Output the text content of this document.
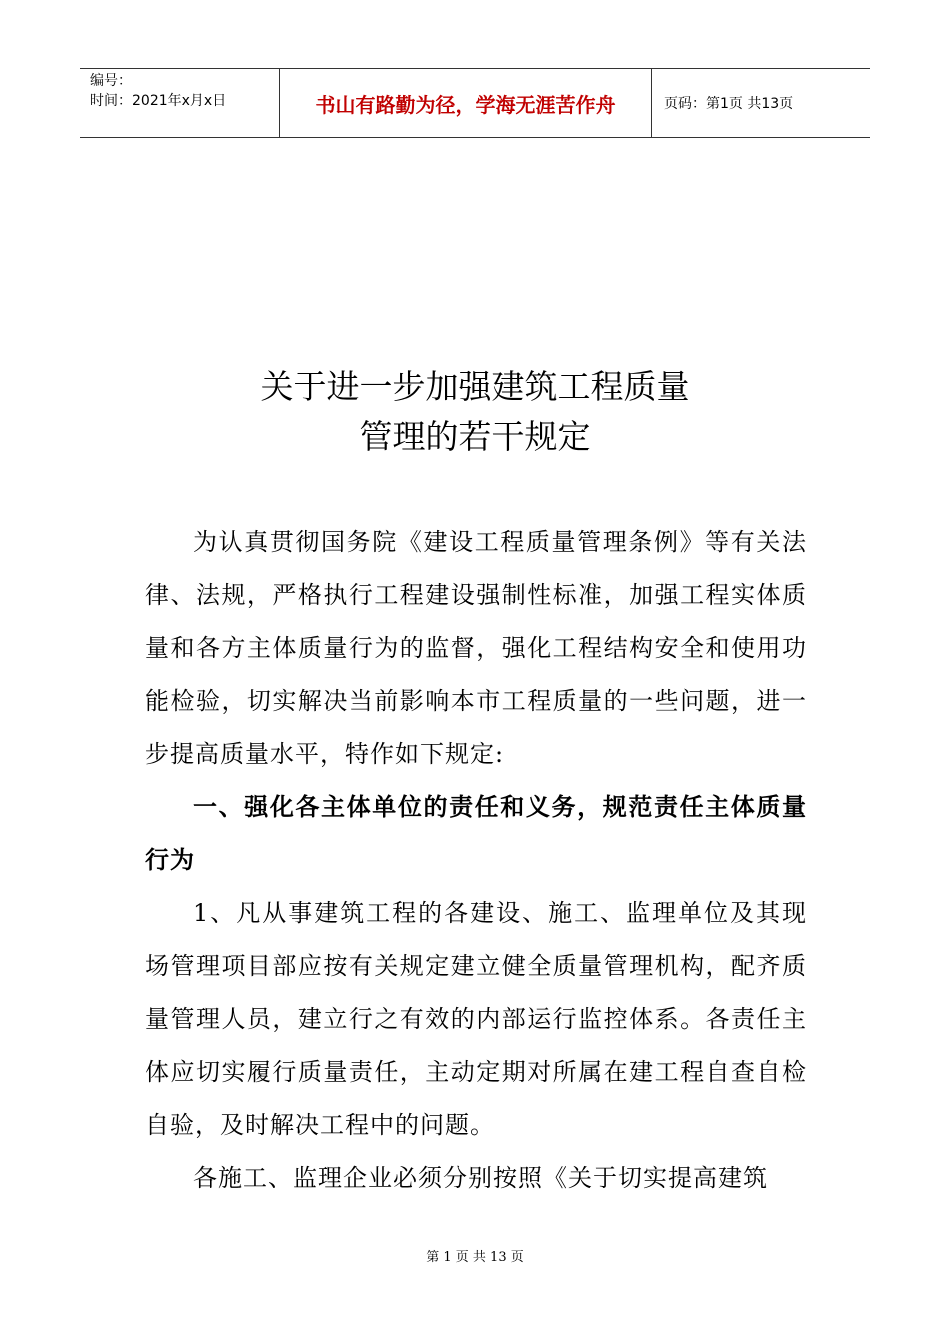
编号：
时间：2021年x月x日	书山有路勤为径，学海无涯苦作舟	页码：第1页 共13页
关于进一步加强建筑工程质量
管理的若干规定

为认真贯彻国务院《建设工程质量管理条例》等有关法律、法规，严格执行工程建设强制性标准，加强工程实体质量和各方主体质量行为的监督，强化工程结构安全和使用功能检验，切实解决当前影响本市工程质量的一些问题，进一步提高质量水平，特作如下规定:

一、强化各主体单位的责任和义务，规范责任主体质量行为

1、凡从事建筑工程的各建设、施工、监理单位及其现场管理项目部应按有关规定建立健全质量管理机构，配齐质量管理人员，建立行之有效的内部运行监控体系。各责任主体应切实履行质量责任，主动定期对所属在建工程自查自检自验，及时解决工程中的问题。

各施工、监理企业必须分别按照《关于切实提高建筑

第 1 页 共 13 页
